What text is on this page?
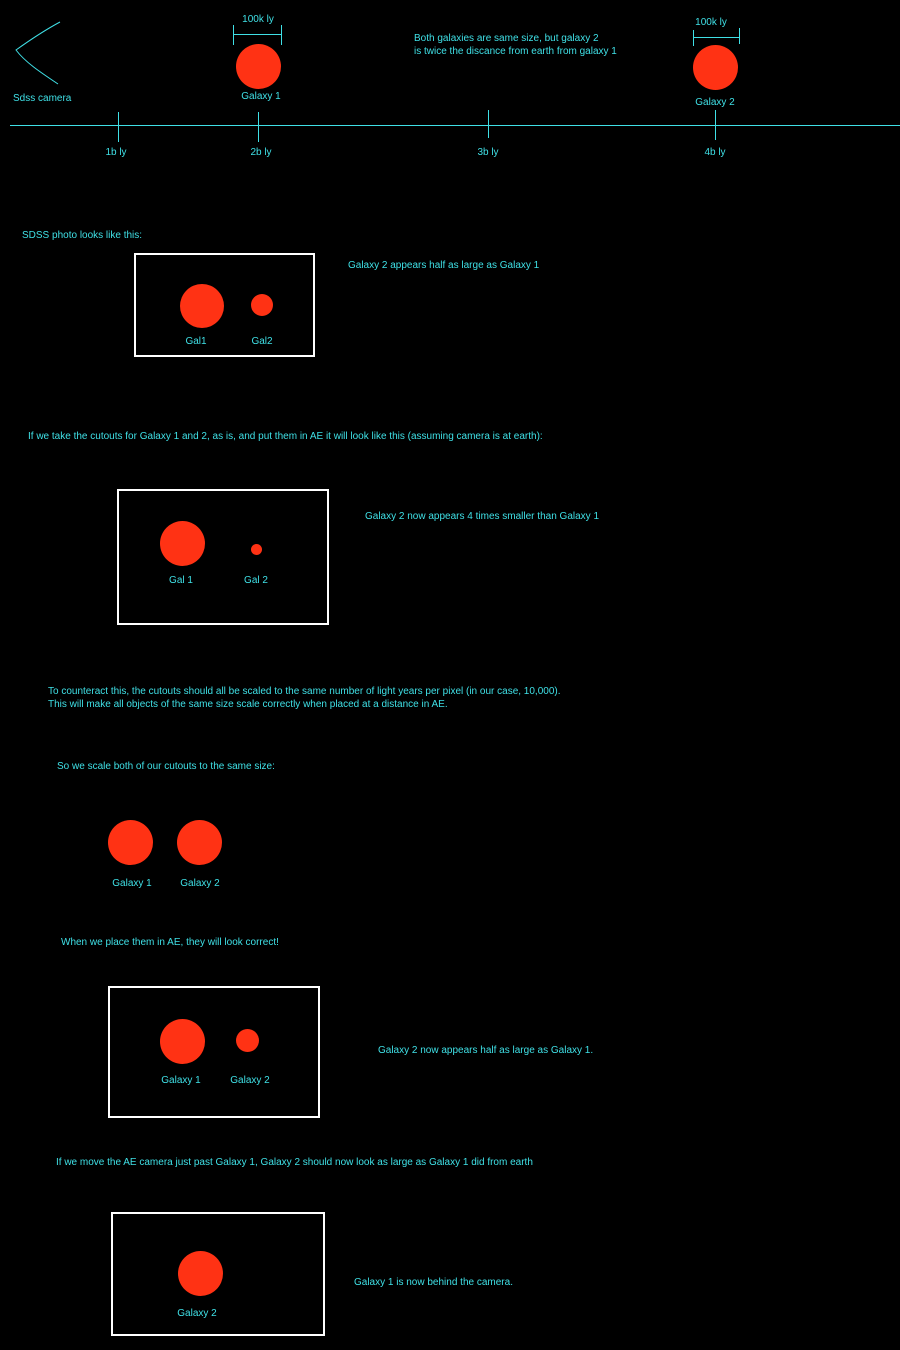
Sdss camera
100k ly
Galaxy 1
Both galaxies are same size, but galaxy 2
is twice the discance from earth from galaxy 1
100k ly
Galaxy 2
1b ly	2b ly	3b ly	4b ly
SDSS photo looks like this:
Gal1	Gal2
Galaxy 2 appears half as large as Galaxy 1
If we take the cutouts for Galaxy 1 and 2, as is, and put them in AE it will look like this (assuming camera is at earth):
Gal 1	Gal 2
Galaxy 2 now appears 4 times smaller than Galaxy 1
To counteract this, the cutouts should all be scaled to the same number of light years per pixel (in our case, 10,000).
This will make all objects of the same size scale correctly when placed at a distance in AE.
So we scale both of our cutouts to the same size:
Galaxy 1	Galaxy 2
When we place them in AE, they will look correct!
Galaxy 1	Galaxy 2
Galaxy 2 now appears half as large as Galaxy 1.
If we move the AE camera just past Galaxy 1, Galaxy 2 should now look as large as Galaxy 1 did from earth
Galaxy 2
Galaxy 1 is now behind the camera.
